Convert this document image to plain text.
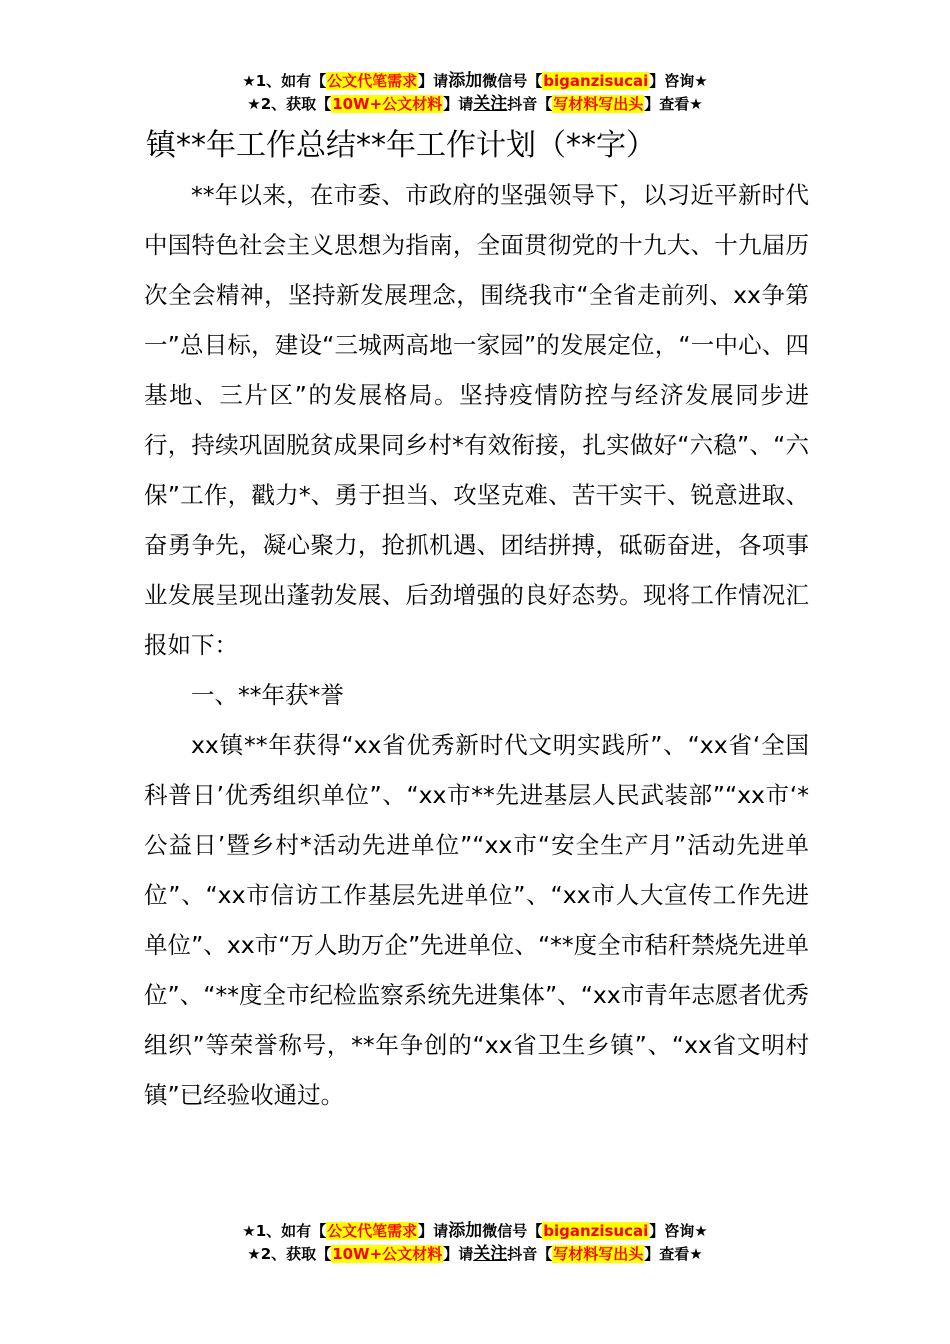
★1、如有【公文代笔需求】请添加微信号【biganzisucai】咨询★
★2、获取【10W+公文材料】请关注抖音【写材料写出头】查看★
镇**年工作总结**年工作计划（**字）

**年以来，在市委、市政府的坚强领导下，以习近平新时代中国特色社会主义思想为指南，全面贯彻党的十九大、十九届历次全会精神，坚持新发展理念，围绕我市“全省走前列、xx争第一”总目标，建设“三城两高地一家园”的发展定位，“一中心、四基地、三片区”的发展格局。坚持疫情防控与经济发展同步进行，持续巩固脱贫成果同乡村*有效衔接，扎实做好“六稳”、“六保”工作，戳力*、勇于担当、攻坚克难、苦干实干、锐意进取、奋勇争先，凝心聚力，抢抓机遇、团结拼搏，砥砺奋进，各项事业发展呈现出蓬勃发展、后劲增强的良好态势。现将工作情况汇报如下：

一、**年获*誉

xx镇**年获得“xx省优秀新时代文明实践所”、“xx省‘全国科普日’优秀组织单位”、“xx市**先进基层人民武装部”“xx市‘*公益日’暨乡村*活动先进单位”“xx市“安全生产月”活动先进单位”、“xx市信访工作基层先进单位”、“xx市人大宣传工作先进单位”、xx市“万人助万企”先进单位、“**度全市秸秆禁烧先进单位”、“**度全市纪检监察系统先进集体”、“xx市青年志愿者优秀组织”等荣誉称号，**年争创的“xx省卫生乡镇”、“xx省文明村镇”已经验收通过。

★1、如有【公文代笔需求】请添加微信号【biganzisucai】咨询★
★2、获取【10W+公文材料】请关注抖音【写材料写出头】查看★
